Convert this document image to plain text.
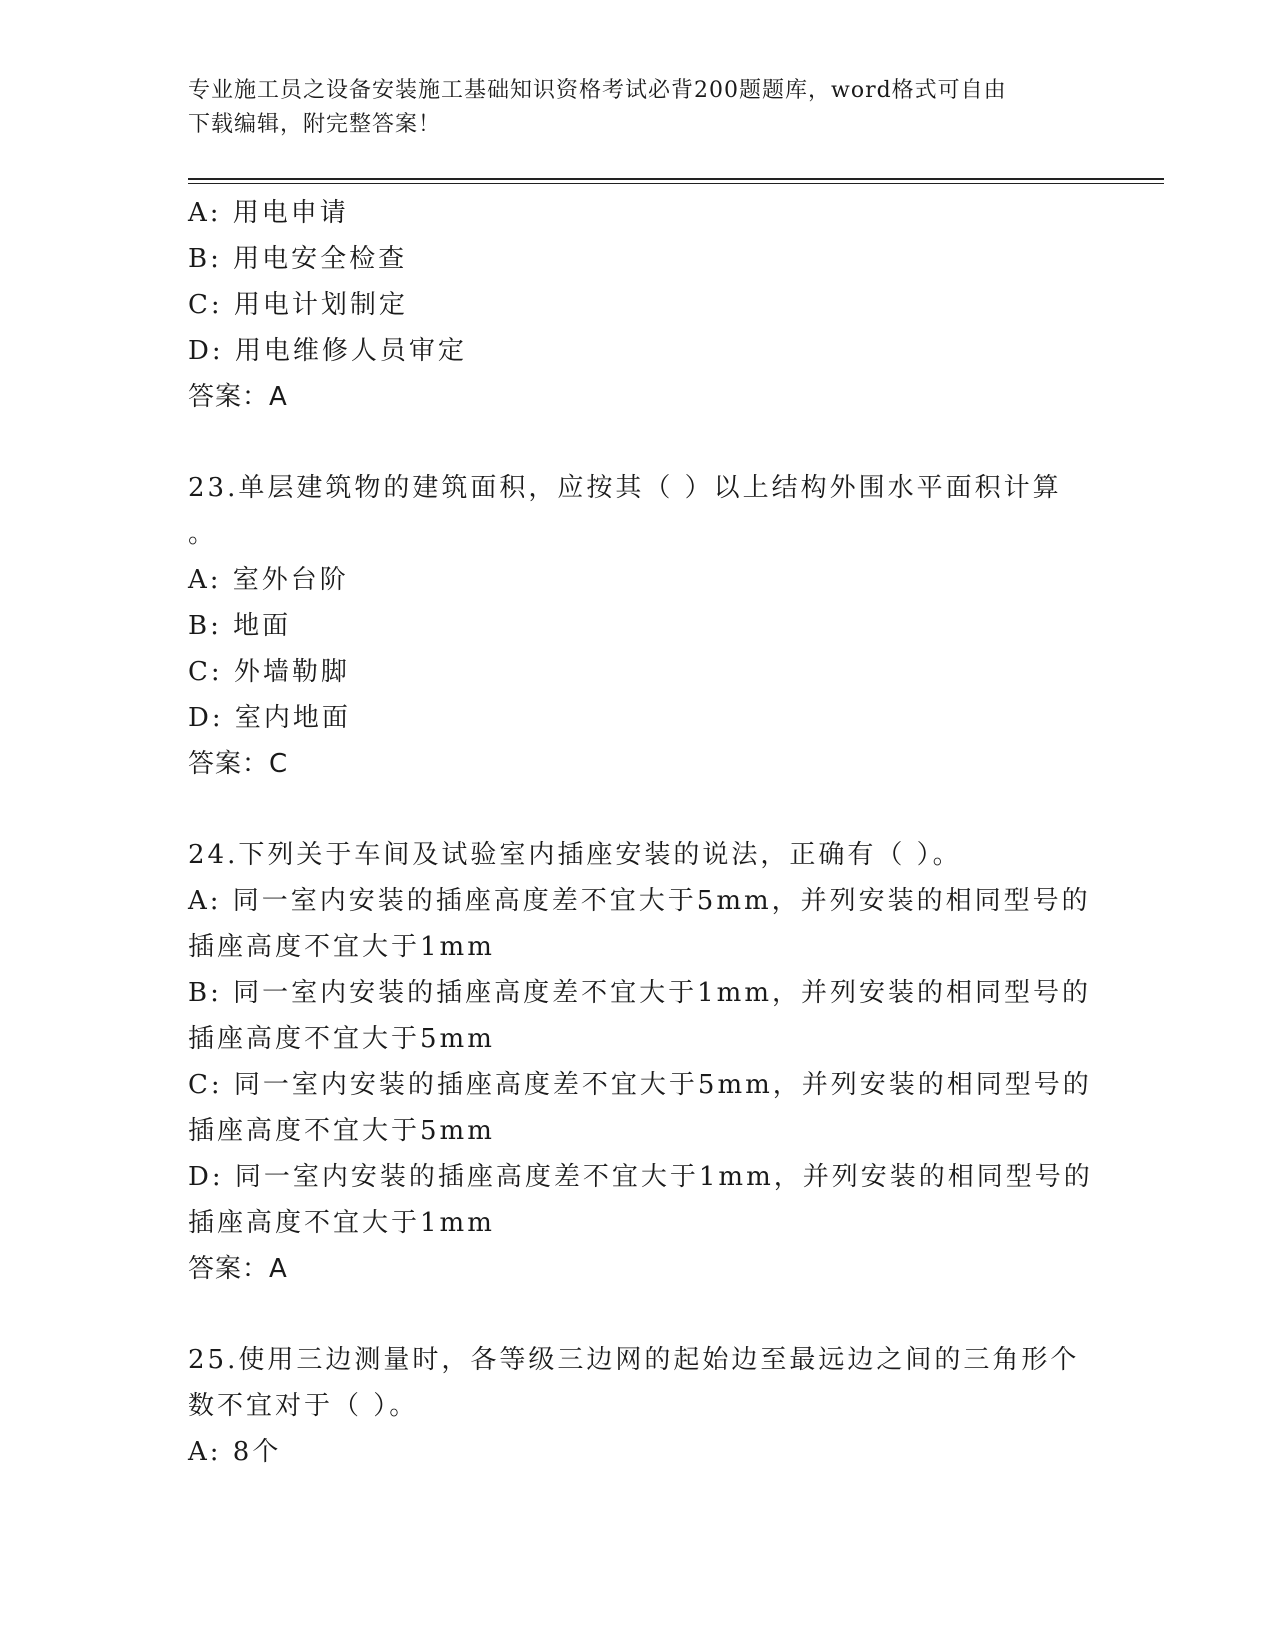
专业施工员之设备安装施工基础知识资格考试必背200题题库，word格式可自由
下载编辑，附完整答案！
A: 用电申请
B: 用电安全检查
C: 用电计划制定
D: 用电维修人员审定
答案：A
23.单层建筑物的建筑面积，应按其（ ）以上结构外围水平面积计算
。
A: 室外台阶
B: 地面
C: 外墙勒脚
D: 室内地面
答案：C
24.下列关于车间及试验室内插座安装的说法，正确有（ ）。
A: 同一室内安装的插座高度差不宜大于5mm，并列安装的相同型号的
插座高度不宜大于1mm
B: 同一室内安装的插座高度差不宜大于1mm，并列安装的相同型号的
插座高度不宜大于5mm
C: 同一室内安装的插座高度差不宜大于5mm，并列安装的相同型号的
插座高度不宜大于5mm
D: 同一室内安装的插座高度差不宜大于1mm，并列安装的相同型号的
插座高度不宜大于1mm
答案：A
25.使用三边测量时，各等级三边网的起始边至最远边之间的三角形个
数不宜对于（ ）。
A: 8个
